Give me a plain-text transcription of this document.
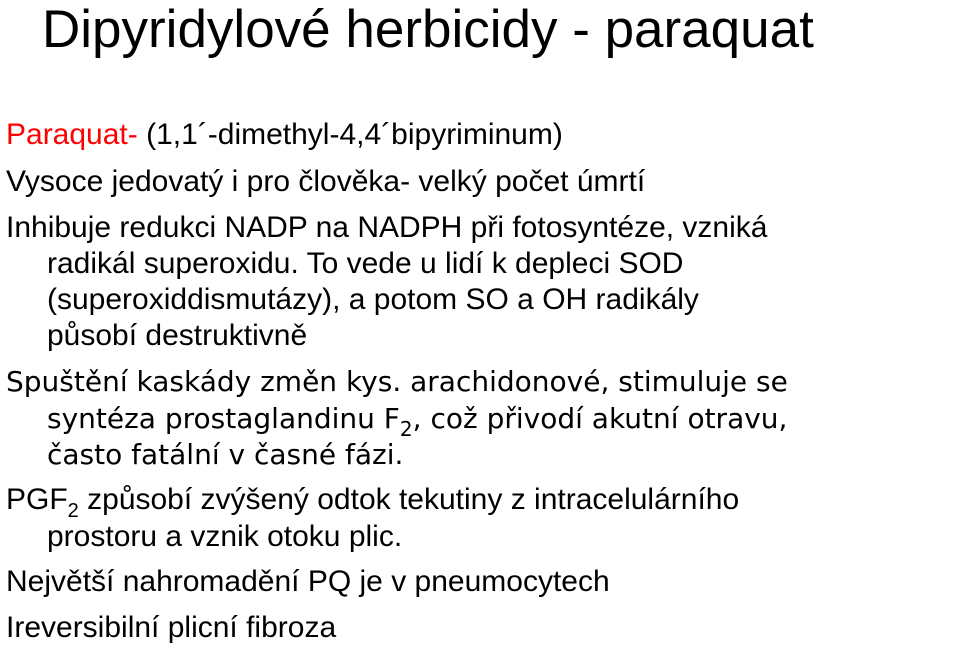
Dipyridylové herbicidy - paraquat
Paraquat- (1,1´-dimethyl-4,4´bipyriminum)
Vysoce jedovatý i pro člověka- velký počet úmrtí
Inhibuje redukci NADP na NADPH při fotosyntéze, vzniká
radikál superoxidu. To vede u lidí k depleci SOD
(superoxiddismutázy), a potom SO a OH radikály
působí destruktivně
Spuštění kaskády změn kys. arachidonové, stimuluje se
syntéza prostaglandinu $F_2$, což přivodí akutní otravu,
často fatální v časné fázi.
$PGF_2$ způsobí zvýšený odtok tekutiny z intracelulárního
prostoru a vznik otoku plic.
Největší nahromadění PQ je v pneumocytech
Ireversibilní plicní fibroza
